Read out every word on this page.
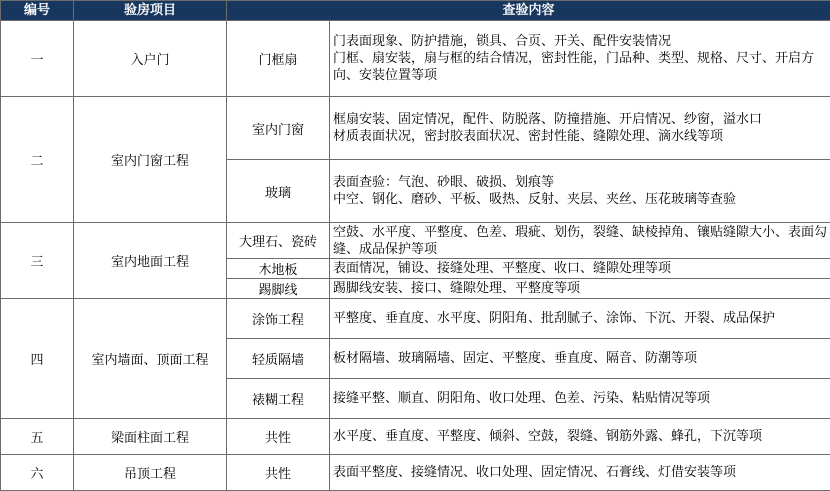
编号	验房项目	查验内容	
一	入户门	门框扇	门表面现象、防护措施，锁具、合页、开关、配件安装情况
门框、扇安装，扇与框的结合情况，密封性能，门品种、类型、规格、尺寸、开启方向、安装位置等项
二	室内门窗工程	室内门窗	框扇安装、固定情况，配件、防脱落、防撞措施、开启情况、纱窗，溢水口
材质表面状况，密封胶表面状况、密封性能、缝隙处理、滴水线等项
		玻璃	表面查验：气泡、砂眼、破损、划痕等
中空、钢化、磨砂、平板、吸热、反射、夹层、夹丝、压花玻璃等查验
三	室内地面工程	大理石、瓷砖	空鼓、水平度、平整度、色差、瑕疵、划伤，裂缝、缺棱掉角、镶贴缝隙大小、表面勾缝、成品保护等项
		木地板	表面情况，铺设、接缝处理、平整度、收口、缝隙处理等项
		踢脚线	踢脚线安装、接口、缝隙处理、平整度等项
四	室内墙面、顶面工程	涂饰工程	平整度、垂直度、水平度、阴阳角、批刮腻子、涂饰、下沉、开裂、成品保护
		轻质隔墙	板材隔墙、玻璃隔墙、固定、平整度、垂直度、隔音、防潮等项
		裱糊工程	接缝平整、顺直、阴阳角、收口处理、色差、污染、粘贴情况等项
五	梁面柱面工程	共性	水平度、垂直度、平整度、倾斜、空鼓，裂缝、钢筋外露、蜂孔，下沉等项
六	吊顶工程	共性	表面平整度、接缝情况、收口处理、固定情况、石膏线、灯借安装等项
